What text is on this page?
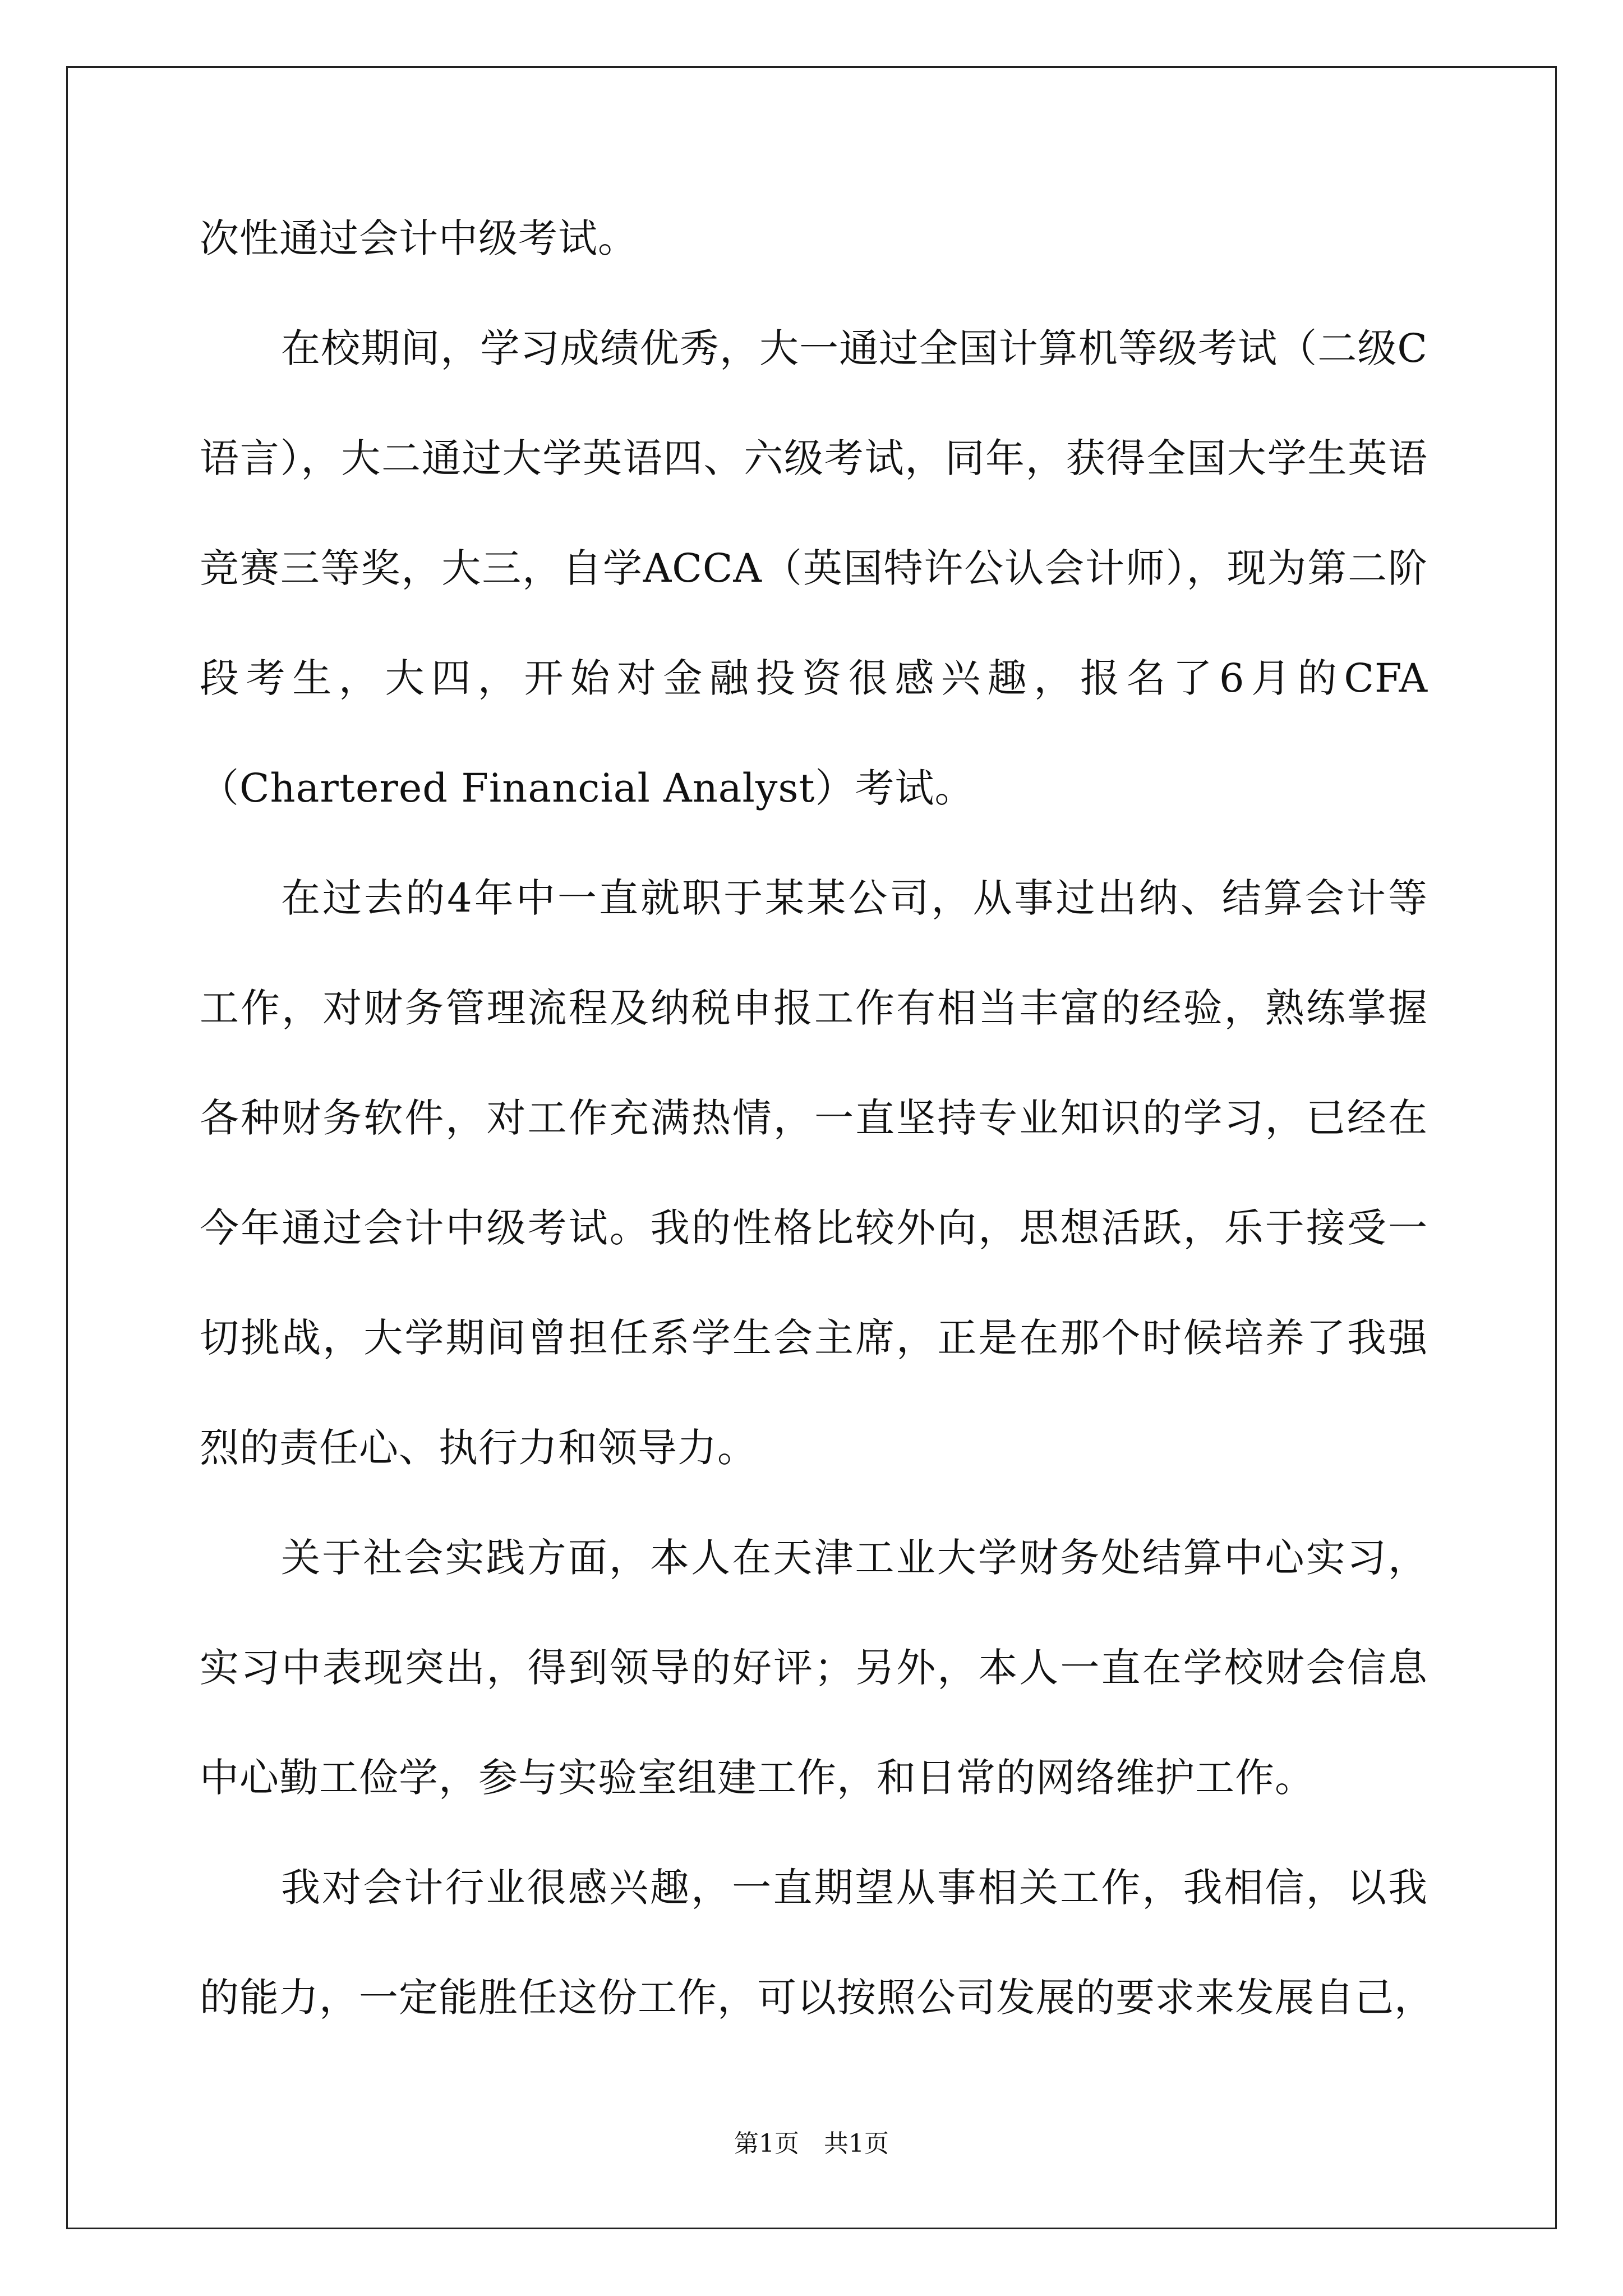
次性通过会计中级考试。
在校期间，学习成绩优秀，大一通过全国计算机等级考试（二级C
语言），大二通过大学英语四、六级考试，同年，获得全国大学生英语
竞赛三等奖，大三，自学ACCA（英国特许公认会计师），现为第二阶
段考生，大四，开始对金融投资很感兴趣，报名了6月的CFA
（Chartered Financial Analyst）考试。
在过去的4年中一直就职于某某公司，从事过出纳、结算会计等
工作，对财务管理流程及纳税申报工作有相当丰富的经验，熟练掌握
各种财务软件，对工作充满热情，一直坚持专业知识的学习，已经在
今年通过会计中级考试。我的性格比较外向，思想活跃，乐于接受一
切挑战，大学期间曾担任系学生会主席，正是在那个时候培养了我强
烈的责任心、执行力和领导力。
关于社会实践方面，本人在天津工业大学财务处结算中心实习，
实习中表现突出，得到领导的好评；另外，本人一直在学校财会信息
中心勤工俭学，参与实验室组建工作，和日常的网络维护工作。
我对会计行业很感兴趣，一直期望从事相关工作，我相信，以我
的能力，一定能胜任这份工作，可以按照公司发展的要求来发展自己，
第1页　共1页
